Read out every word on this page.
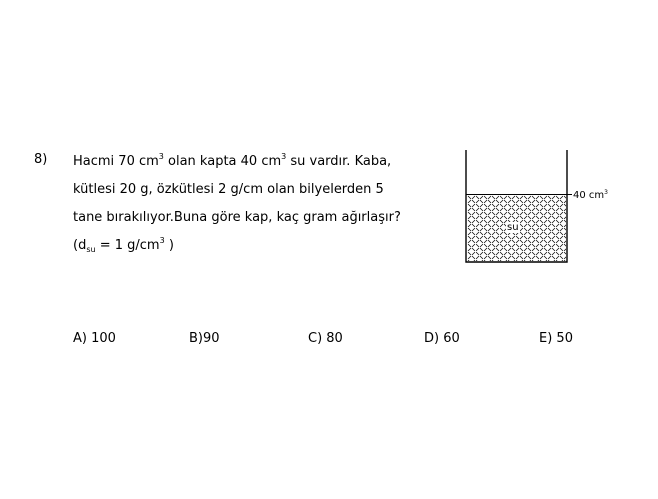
8) Hacmi 70 $cm^3$ olan kapta 40 $cm^3$ su vardır. Kaba,
kütlesi 20 g, özkütlesi 2 g/cm olan bilyelerden 5
tane bırakılıyor.Buna göre kap, kaç gram ağırlaşır?
($d_{su} = 1$ $g/cm^3$ )
su
40 $cm^3$
A) 100	B)90	C) 80	D) 60	E) 50
